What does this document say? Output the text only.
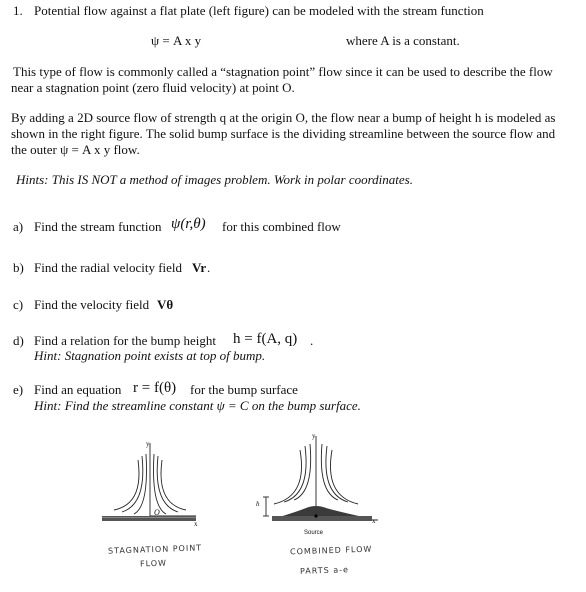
1. Potential flow against a flat plate (left figure) can be modeled with the stream function
ψ = A x y	where A is a constant.
This type of flow is commonly called a “stagnation point” flow since it can be used to describe the flow
near a stagnation point (zero fluid velocity) at point O.
By adding a 2D source flow of strength q at the origin O, the flow near a bump of height h is modeled as
shown in the right figure. The solid bump surface is the dividing streamline between the source flow and
the outer ψ = A x y flow.
Hints: This IS NOT a method of images problem. Work in polar coordinates.
a) Find the stream function ψ(r,θ) for this combined flow
b) Find the radial velocity field Vr .
c) Find the velocity field Vθ
d) Find a relation for the bump height h = f(A, q) .
Hint: Stagnation point exists at top of bump.
e) Find an equation r = f(θ) for the bump surface
Hint: Find the streamline constant ψ = C on the bump surface.
y
x
O
STAGNATION POINT
FLOW
y
x
h
Source
COMBINED FLOW
PARTS a-e
